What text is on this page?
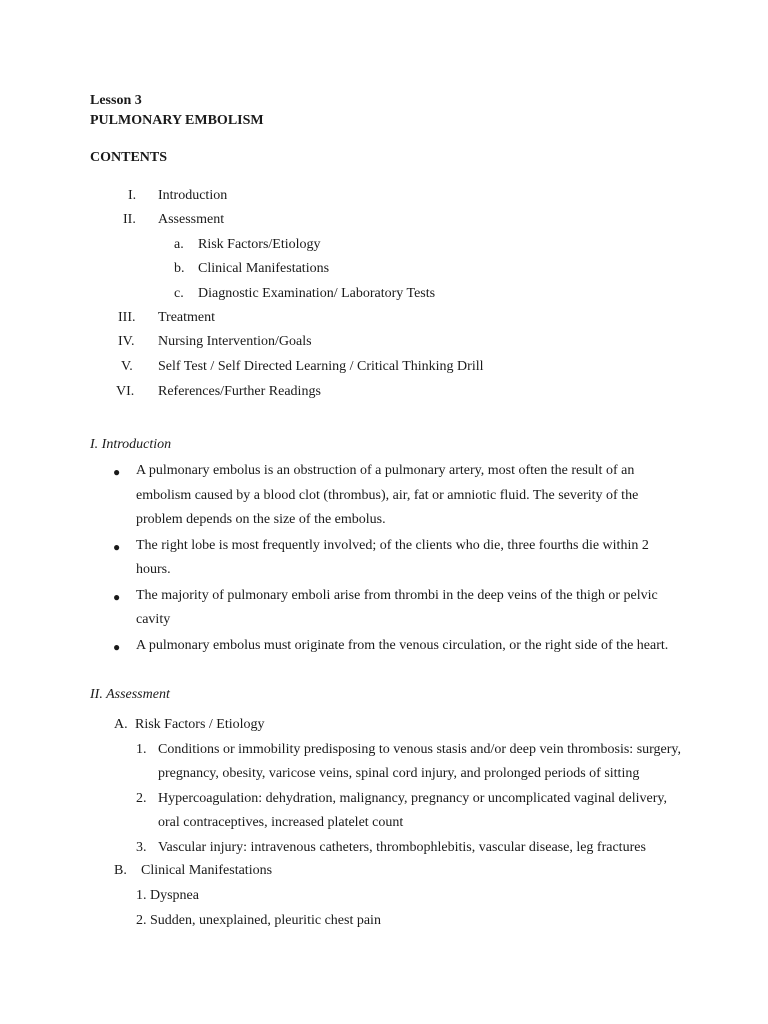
Lesson 3
PULMONARY EMBOLISM
CONTENTS
I. Introduction
II. Assessment
a. Risk Factors/Etiology
b. Clinical Manifestations
c. Diagnostic Examination/ Laboratory Tests
III. Treatment
IV. Nursing Intervention/Goals
V. Self Test / Self Directed Learning / Critical Thinking Drill
VI. References/Further Readings
I. Introduction
● A pulmonary embolus is an obstruction of a pulmonary artery, most often the result of an
embolism caused by a blood clot (thrombus), air, fat or amniotic fluid. The severity of the
problem depends on the size of the embolus.
● The right lobe is most frequently involved; of the clients who die, three fourths die within 2
hours.
● The majority of pulmonary emboli arise from thrombi in the deep veins of the thigh or pelvic
cavity
● A pulmonary embolus must originate from the venous circulation, or the right side of the heart.
II. Assessment
A. Risk Factors / Etiology
1. Conditions or immobility predisposing to venous stasis and/or deep vein thrombosis: surgery,
pregnancy, obesity, varicose veins, spinal cord injury, and prolonged periods of sitting
2. Hypercoagulation: dehydration, malignancy, pregnancy or uncomplicated vaginal delivery,
oral contraceptives, increased platelet count
3. Vascular injury: intravenous catheters, thrombophlebitis, vascular disease, leg fractures
B. Clinical Manifestations
1. Dyspnea
2. Sudden, unexplained, pleuritic chest pain
